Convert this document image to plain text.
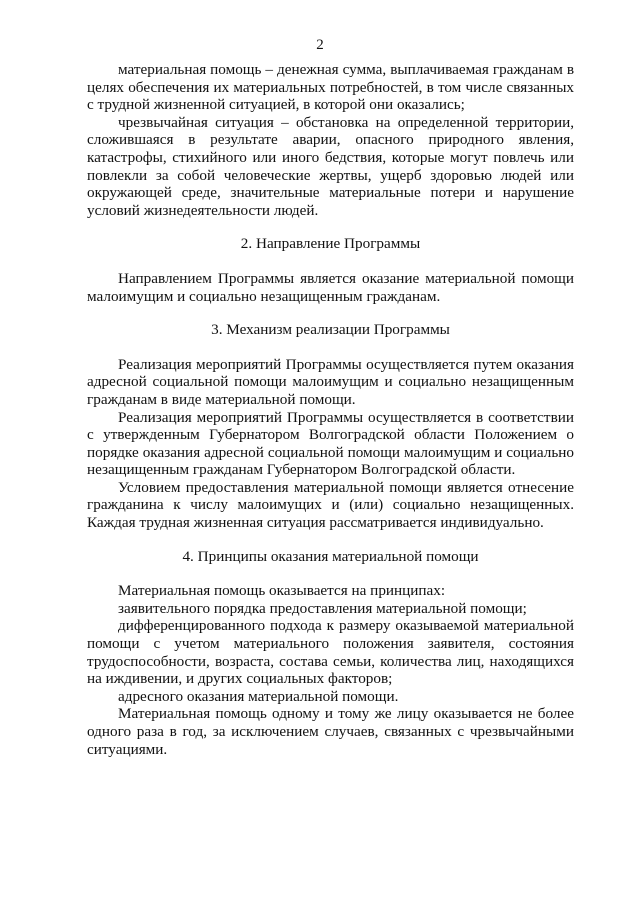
2

материальная помощь – денежная сумма, выплачиваемая гражданам в целях обеспечения их материальных потребностей, в том числе связанных с трудной жизненной ситуацией, в которой они оказались;

чрезвычайная ситуация – обстановка на определенной территории, сложившаяся в результате аварии, опасного природного явления, катастрофы, стихийного или иного бедствия, которые могут повлечь или повлекли за собой человеческие жертвы, ущерб здоровью людей или окружающей среде, значительные материальные потери и нарушение условий жизнедеятельности людей.

2. Направление Программы

Направлением Программы является оказание материальной помощи малоимущим и социально незащищенным гражданам.

3. Механизм реализации Программы

Реализация мероприятий Программы осуществляется путем оказания адресной социальной помощи малоимущим и социально незащищенным гражданам в виде материальной помощи.

Реализация мероприятий Программы осуществляется в соответствии с утвержденным Губернатором Волгоградской области Положением о порядке оказания адресной социальной помощи малоимущим и социально незащищенным гражданам Губернатором Волгоградской области.

Условием предоставления материальной помощи является отнесение гражданина к числу малоимущих и (или) социально незащищенных. Каждая трудная жизненная ситуация рассматривается индивидуально.

4. Принципы оказания материальной помощи

Материальная помощь оказывается на принципах:

заявительного порядка предоставления материальной помощи;

дифференцированного подхода к размеру оказываемой материальной помощи с учетом материального положения заявителя, состояния трудоспособности, возраста, состава семьи, количества лиц, находящихся на иждивении, и других социальных факторов;

адресного оказания материальной помощи.

Материальная помощь одному и тому же лицу оказывается не более одного раза в год, за исключением случаев, связанных с чрезвычайными ситуациями.
